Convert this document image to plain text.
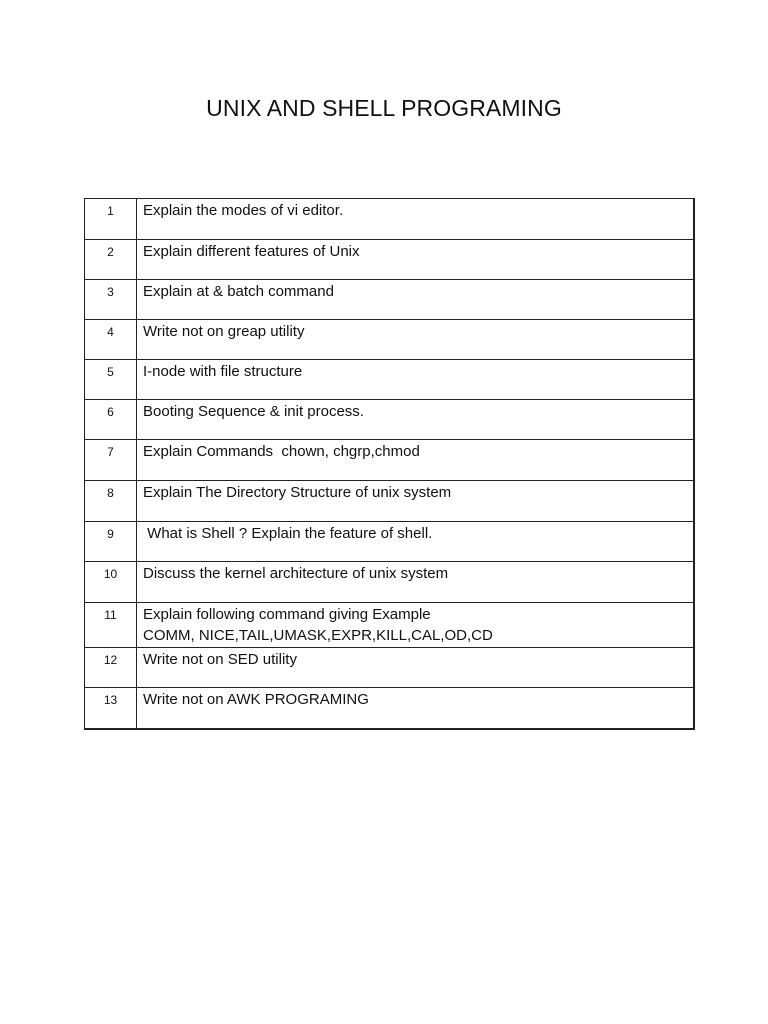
UNIX AND SHELL PROGRAMING
1	Explain the modes of vi editor.
2	Explain different features of Unix
3	Explain at & batch command
4	Write not on greap utility
5	I-node with file structure
6	Booting Sequence & init process.
7	Explain Commands  chown, chgrp,chmod
8	Explain The Directory Structure of unix system
9	What is Shell ? Explain the feature of shell.
10	Discuss the kernel architecture of unix system
11	Explain following command giving Example
COMM, NICE,TAIL,UMASK,EXPR,KILL,CAL,OD,CD
12	Write not on SED utility
13	Write not on AWK PROGRAMING
